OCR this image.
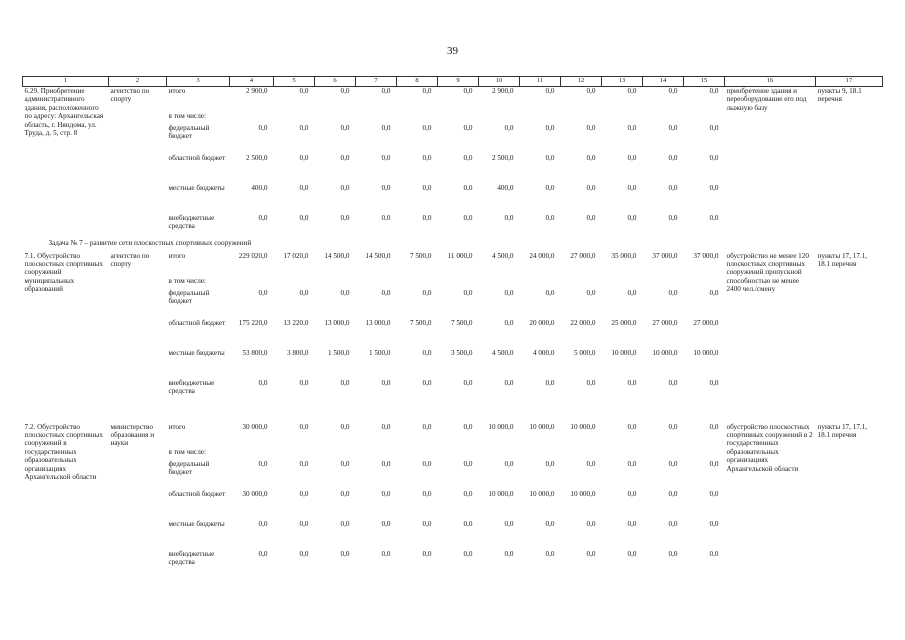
39
1	2	3	4	5	6	7	8	9	10	11	12	13	14	15	16	17
6.29. Приобретение административного здания, расположенного по адресу: Архангельская область, г. Няндома, ул. Труда, д. 5, стр. 8	агентство по спорту	итого	2 900,0	0,0	0,0	0,0	0,0	0,0	2 900,0	0,0	0,0	0,0	0,0	0,0	приобретение здания и переоборудование его под лыжную базу	пункты 9, 18.1 перечня
		в том числе:														
		федеральный бюджет	0,0	0,0	0,0	0,0	0,0	0,0	0,0	0,0	0,0	0,0	0,0	0,0		
		областной бюджет	2 500,0	0,0	0,0	0,0	0,0	0,0	2 500,0	0,0	0,0	0,0	0,0	0,0		
		местные бюджеты	400,0	0,0	0,0	0,0	0,0	0,0	400,0	0,0	0,0	0,0	0,0	0,0		
		внебюджетные средства	0,0	0,0	0,0	0,0	0,0	0,0	0,0	0,0	0,0	0,0	0,0	0,0		
Задача № 7 – развитие сети плоскостных спортивных сооружений																
7.1. Обустройство плоскостных спортивных сооружений муниципальных образований	агентство по спорту	итого	229 020,0	17 020,0	14 500,0	14 500,0	7 500,0	11 000,0	4 500,0	24 000,0	27 000,0	35 000,0	37 000,0	37 000,0	обустройство не менее 120 плоскостных спортивных сооружений пропускной способностью не менее 2400 чел./смену	пункты 17, 17.1, 18.1 перечня
		в том числе:														
		федеральный бюджет	0,0	0,0	0,0	0,0	0,0	0,0	0,0	0,0	0,0	0,0	0,0	0,0		
		областной бюджет	175 220,0	13 220,0	13 000,0	13 000,0	7 500,0	7 500,0	0,0	20 000,0	22 000,0	25 000,0	27 000,0	27 000,0		
		местные бюджеты	53 800,0	3 800,0	1 500,0	1 500,0	0,0	3 500,0	4 500,0	4 000,0	5 000,0	10 000,0	10 000,0	10 000,0		
		внебюджетные средства	0,0	0,0	0,0	0,0	0,0	0,0	0,0	0,0	0,0	0,0	0,0	0,0		

7.2. Обустройство плоскостных спортивных сооружений в государственных образовательных организациях Архангельской области	министерство образования и науки	итого	30 000,0	0,0	0,0	0,0	0,0	0,0	10 000,0	10 000,0	10 000,0	0,0	0,0	0,0	обустройство плоскостных спортивных сооружений в 2 государственных образовательных организациях Архангельской области	пункты 17, 17.1, 18.1 перечня
		в том числе:														
		федеральный бюджет	0,0	0,0	0,0	0,0	0,0	0,0	0,0	0,0	0,0	0,0	0,0	0,0		
		областной бюджет	30 000,0	0,0	0,0	0,0	0,0	0,0	10 000,0	10 000,0	10 000,0	0,0	0,0	0,0		
		местные бюджеты	0,0	0,0	0,0	0,0	0,0	0,0	0,0	0,0	0,0	0,0	0,0	0,0		
		внебюджетные средства	0,0	0,0	0,0	0,0	0,0	0,0	0,0	0,0	0,0	0,0	0,0	0,0		
